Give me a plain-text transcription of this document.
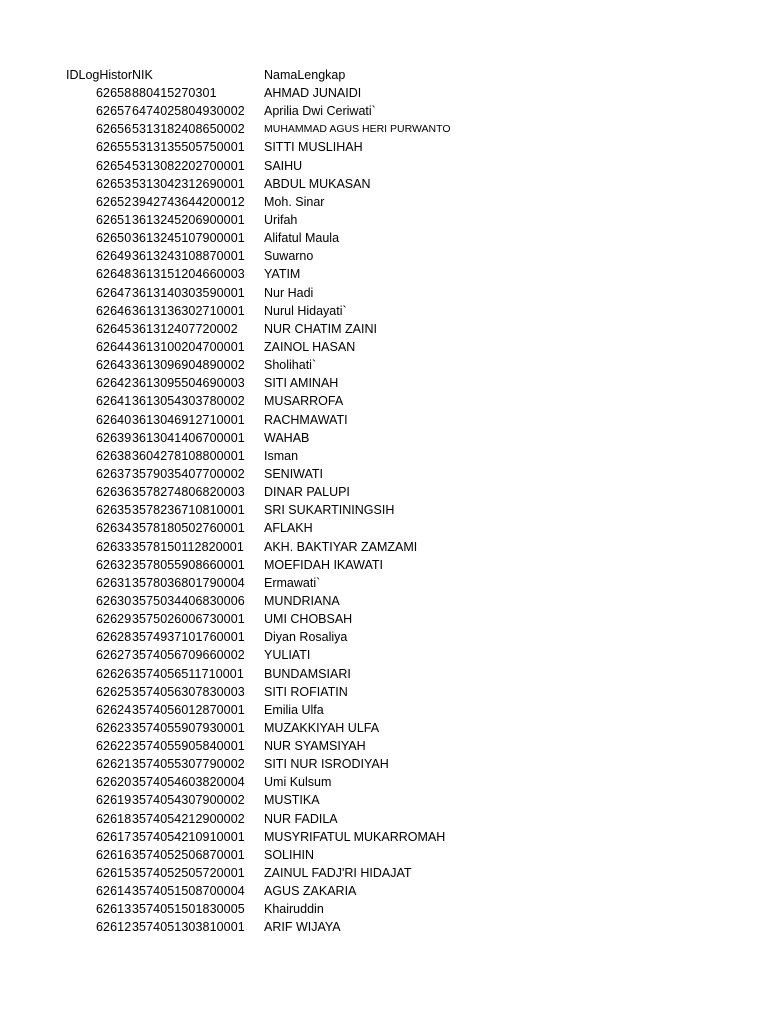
IDLogHistorNIK	NamaLengkap
62658 880415270301	AHMAD JUNAIDI
62657 6474025804930002 Aprilia Dwi Ceriwati`
62656 5313182408650002 MUHAMMAD AGUS HERI PURWANTO
62655 5313135505750001 SITTI MUSLIHAH
62654 5313082202700001 SAIHU
62653 5313042312690001 ABDUL MUKASAN
62652 3942743644200012 Moh. Sinar
62651 3613245206900001 Urifah
62650 3613245107900001 Alifatul Maula
62649 3613243108870001 Suwarno
62648 3613151204660003 YATIM
62647 3613140303590001 Nur Hadi
62646 3613136302710001 Nurul Hidayati`
62645 361312407720002 NUR CHATIM ZAINI
62644 3613100204700001 ZAINOL HASAN
62643 3613096904890002 Sholihati`
62642 3613095504690003 SITI AMINAH
62641 3613054303780002 MUSARROFA
62640 3613046912710001 RACHMAWATI
62639 3613041406700001 WAHAB
62638 3604278108800001 Isman
62637 3579035407700002 SENIWATI
62636 3578274806820003 DINAR PALUPI
62635 3578236710810001 SRI SUKARTININGSIH
62634 3578180502760001 AFLAKH
62633 3578150112820001 AKH. BAKTIYAR ZAMZAMI
62632 3578055908660001 MOEFIDAH IKAWATI
62631 3578036801790004 Ermawati`
62630 3575034406830006 MUNDRIANA
62629 3575026006730001 UMI CHOBSAH
62628 3574937101760001 Diyan Rosaliya
62627 3574056709660002 YULIATI
62626 3574056511710001 BUNDAMSIARI
62625 3574056307830003 SITI ROFIATIN
62624 3574056012870001 Emilia Ulfa
62623 3574055907930001 MUZAKKIYAH ULFA
62622 3574055905840001 NUR SYAMSIYAH
62621 3574055307790002 SITI NUR ISRODIYAH
62620 3574054603820004 Umi Kulsum
62619 3574054307900002 MUSTIKA
62618 3574054212900002 NUR FADILA
62617 3574054210910001 MUSYRIFATUL MUKARROMAH
62616 3574052506870001 SOLIHIN
62615 3574052505720001 ZAINUL FADJ'RI HIDAJAT
62614 3574051508700004 AGUS ZAKARIA
62613 3574051501830005 Khairuddin
62612 3574051303810001 ARIF WIJAYA
